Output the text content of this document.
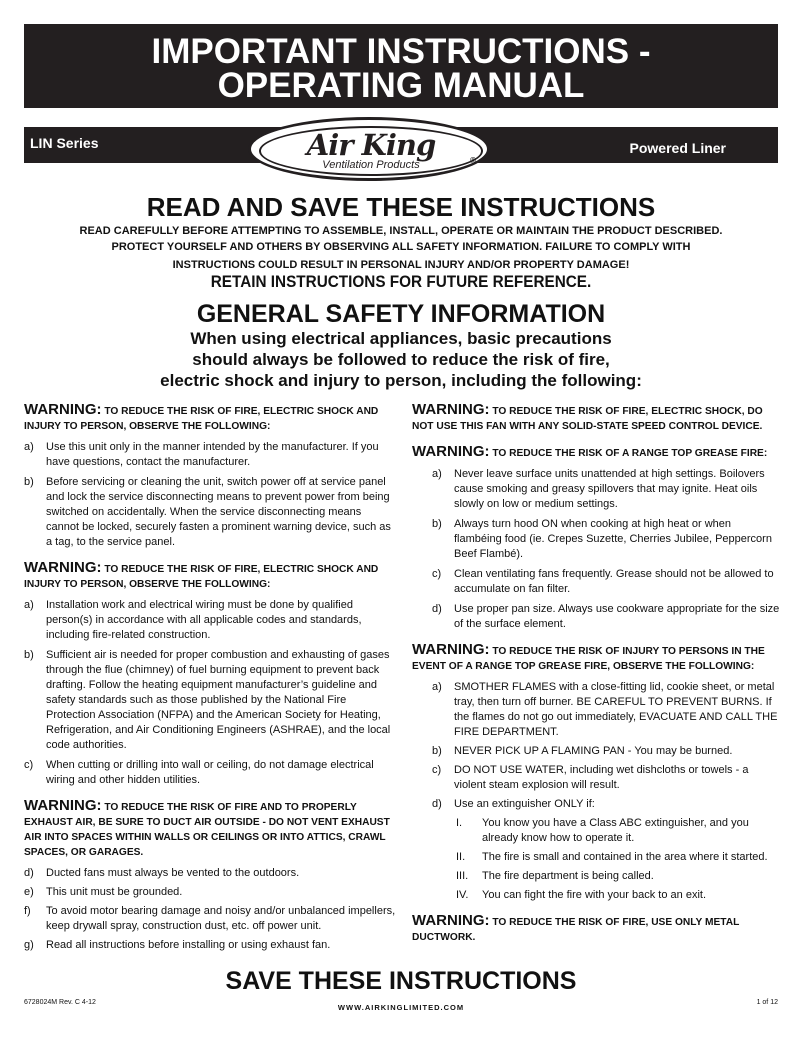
IMPORTANT INSTRUCTIONS -
OPERATING MANUAL
LIN Series	Powered Liner
Air King
Ventilation Products	®
READ AND SAVE THESE INSTRUCTIONS
READ CAREFULLY BEFORE ATTEMPTING TO ASSEMBLE, INSTALL, OPERATE OR MAINTAIN THE PRODUCT DESCRIBED.
PROTECT YOURSELF AND OTHERS BY OBSERVING ALL SAFETY INFORMATION. FAILURE TO COMPLY WITH
INSTRUCTIONS COULD RESULT IN PERSONAL INJURY AND/OR PROPERTY DAMAGE!
RETAIN INSTRUCTIONS FOR FUTURE REFERENCE.
GENERAL SAFETY INFORMATION
When using electrical appliances, basic precautions
should always be followed to reduce the risk of fire,
electric shock and injury to person, including the following:
WARNING: TO REDUCE THE RISK OF FIRE, ELECTRIC SHOCK AND INJURY TO PERSON, OBSERVE THE FOLLOWING:
a) Use this unit only in the manner intended by the manufacturer. If you have questions, contact the manufacturer.
b) Before servicing or cleaning the unit, switch power off at service panel and lock the service disconnecting means to prevent power from being switched on accidentally. When the service disconnecting means cannot be locked, securely fasten a prominent warning device, such as a tag, to the service panel.
WARNING: TO REDUCE THE RISK OF FIRE, ELECTRIC SHOCK AND INJURY TO PERSON, OBSERVE THE FOLLOWING:
a) Installation work and electrical wiring must be done by qualified person(s) in accordance with all applicable codes and standards, including fire-related construction.
b) Sufficient air is needed for proper combustion and exhausting of gases through the flue (chimney) of fuel burning equipment to prevent back drafting. Follow the heating equipment manufacturer’s guideline and safety standards such as those published by the National Fire Protection Association (NFPA) and the American Society for Heating, Refrigeration, and Air Conditioning Engineers (ASHRAE), and the local code authorities.
c) When cutting or drilling into wall or ceiling, do not damage electrical wiring and other hidden utilities.
WARNING: TO REDUCE THE RISK OF FIRE AND TO PROPERLY EXHAUST AIR, BE SURE TO DUCT AIR OUTSIDE - DO NOT VENT EXHAUST AIR INTO SPACES WITHIN WALLS OR CEILINGS OR INTO ATTICS, CRAWL SPACES, OR GARAGES.
d) Ducted fans must always be vented to the outdoors.
e) This unit must be grounded.
f) To avoid motor bearing damage and noisy and/or unbalanced impellers, keep drywall spray, construction dust, etc. off power unit.
g) Read all instructions before installing or using exhaust fan.
WARNING: TO REDUCE THE RISK OF FIRE, ELECTRIC SHOCK, DO NOT USE THIS FAN WITH ANY SOLID-STATE SPEED CONTROL DEVICE.
WARNING: TO REDUCE THE RISK OF A RANGE TOP GREASE FIRE:
a) Never leave surface units unattended at high settings. Boilovers cause smoking and greasy spillovers that may ignite. Heat oils slowly on low or medium settings.
b) Always turn hood ON when cooking at high heat or when flambéing food (ie. Crepes Suzette, Cherries Jubilee, Peppercorn Beef Flambé).
c) Clean ventilating fans frequently. Grease should not be allowed to accumulate on fan filter.
d) Use proper pan size. Always use cookware appropriate for the size of the surface element.
WARNING: TO REDUCE THE RISK OF INJURY TO PERSONS IN THE EVENT OF A RANGE TOP GREASE FIRE, OBSERVE THE FOLLOWING:
a) SMOTHER FLAMES with a close-fitting lid, cookie sheet, or metal tray, then turn off burner. BE CAREFUL TO PREVENT BURNS. If the flames do not go out immediately, EVACUATE AND CALL THE FIRE DEPARTMENT.
b) NEVER PICK UP A FLAMING PAN - You may be burned.
c) DO NOT USE WATER, including wet dishcloths or towels - a violent steam explosion will result.
d) Use an extinguisher ONLY if:
I. You know you have a Class ABC extinguisher, and you already know how to operate it.
II. The fire is small and contained in the area where it started.
III. The fire department is being called.
IV. You can fight the fire with your back to an exit.
WARNING: TO REDUCE THE RISK OF FIRE, USE ONLY METAL DUCTWORK.
SAVE THESE INSTRUCTIONS
6728024M Rev. C 4-12
WWW.AIRKINGLIMITED.COM
1 of 12
